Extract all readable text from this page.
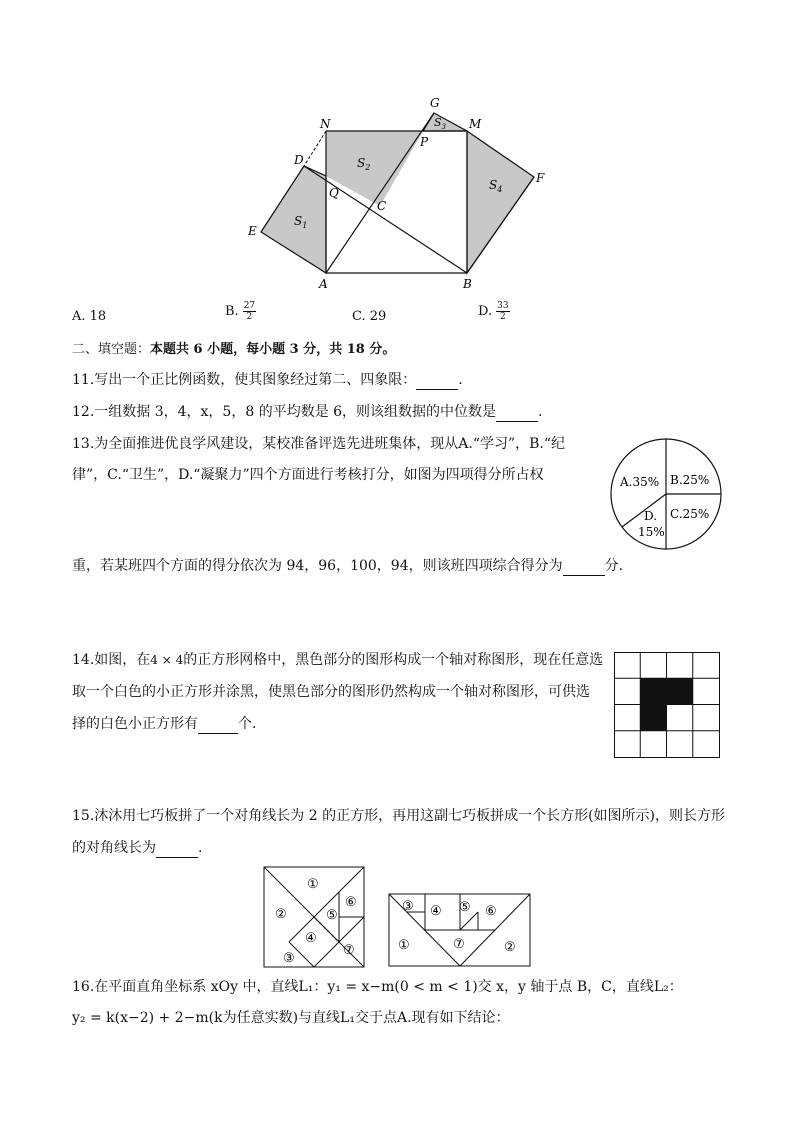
G
N	M
$S_3$
P
D	$S_2$
F
$S_4$
Q
C
E
$S_1$
A	B
A. 18	B. $\frac{27}{2}$	C. 29	D. $\frac{33}{2}$
二、填空题：本题共 6 小题，每小题 3 分，共 18 分。
11.写出一个正比例函数，使其图象经过第二、四象限：	.
12.一组数据 3，4，x，5，8 的平均数是 6，则该组数据的中位数是	.
13.为全面推进优良学风建设，某校准备评选先进班集体，现从A.“学习”，B.“纪
律”，C.“卫生”，D.“凝聚力”四个方面进行考核打分，如图为四项得分所占权
重，若某班四个方面的得分依次为 94，96，100，94，则该班四项综合得分为	分.
A.35% B.25%
C.25%
D.
15%
14.如图，在4 × 4的正方形网格中，黑色部分的图形构成一个轴对称图形，现在任意选
取一个白色的小正方形并涂黑，使黑色部分的图形仍然构成一个轴对称图形，可供选
择的白色小正方形有	个.
15.沐沐用七巧板拼了一个对角线长为 2 的正方形，再用这副七巧板拼成一个长方形(如图所示)，则长方形
的对角线长为	.
①
②
③
④
⑤
⑥
⑦	①	②
③ ④ ⑤ ⑥
⑦
16.在平面直角坐标系 xOy 中，直线L₁：y₁ = x−m(0 < m < 1)交 x，y 轴于点 B，C，直线L₂：
y₂ = k(x−2) + 2−m(k为任意实数)与直线L₁交于点A.现有如下结论：
